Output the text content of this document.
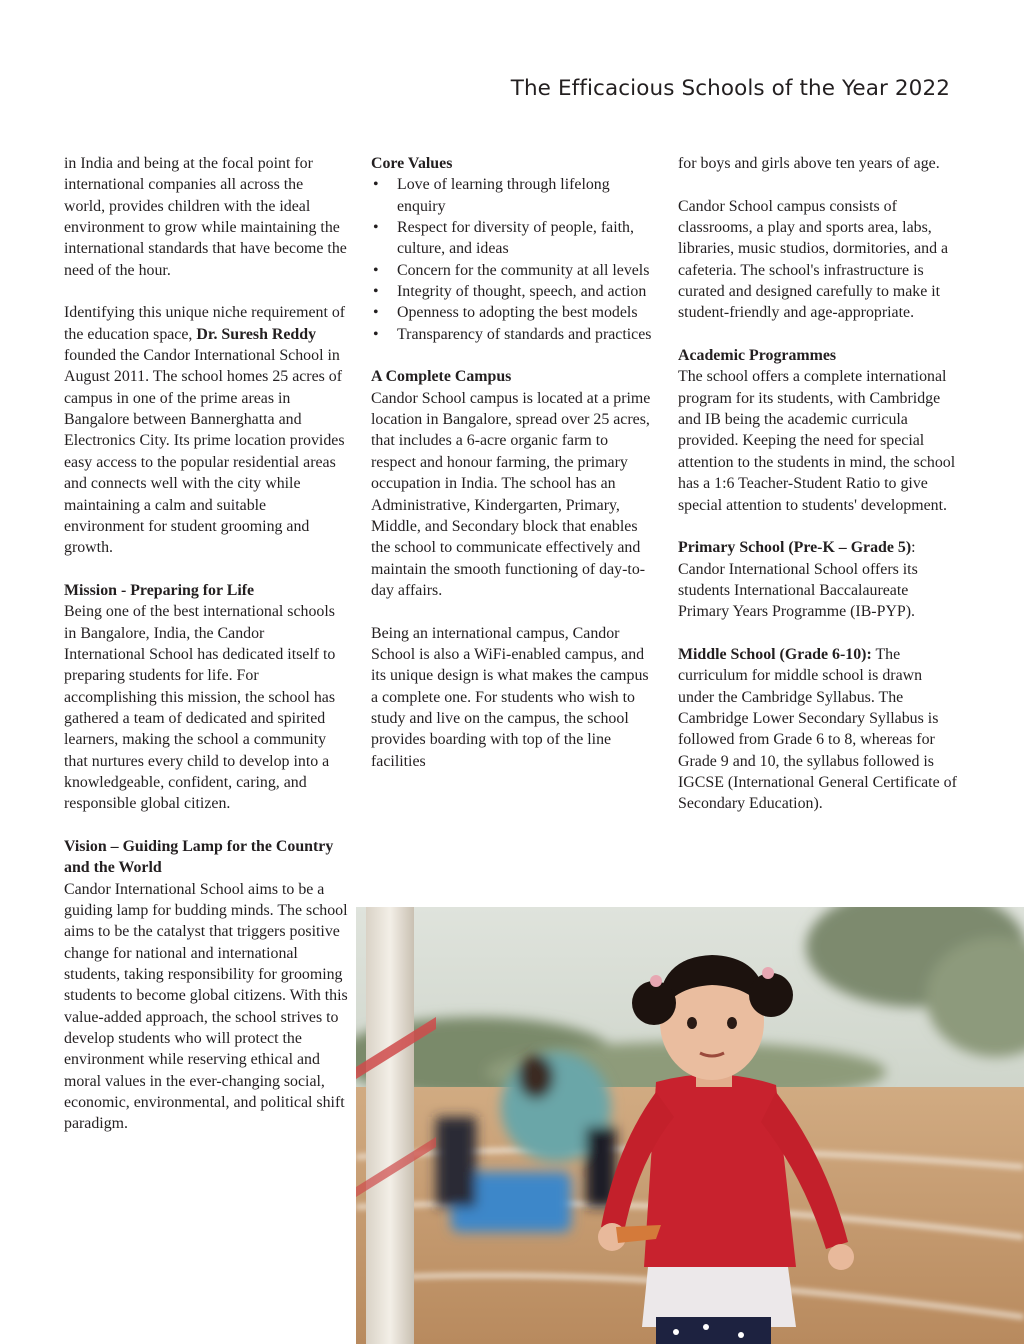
The Efficacious Schools of the Year 2022

in India and being at the focal point for international companies all across the world, provides children with the ideal environment to grow while maintaining the international standards that have become the need of the hour.

Identifying this unique niche requirement of the education space, Dr. Suresh Reddy founded the Candor International School in August 2011. The school homes 25 acres of campus in one of the prime areas in Bangalore between Bannerghatta and Electronics City. Its prime location provides easy access to the popular residential areas and connects well with the city while maintaining a calm and suitable environment for student grooming and growth.

Mission - Preparing for Life
Being one of the best international schools in Bangalore, India, the Candor International School has dedicated itself to preparing students for life. For accomplishing this mission, the school has gathered a team of dedicated and spirited learners, making the school a community that nurtures every child to develop into a knowledgeable, confident, caring, and responsible global citizen.

Vision – Guiding Lamp for the Country and the World
Candor International School aims to be a guiding lamp for budding minds. The school aims to be the catalyst that triggers positive change for national and international students, taking responsibility for grooming students to become global citizens. With this value-added approach, the school strives to develop students who will protect the environment while reserving ethical and moral values in the ever-changing social, economic, environmental, and political shift paradigm.

Core Values
• Love of learning through lifelong enquiry
• Respect for diversity of people, faith, culture, and ideas
• Concern for the community at all levels
• Integrity of thought, speech, and action
• Openness to adopting the best models
• Transparency of standards and practices

A Complete Campus
Candor School campus is located at a prime location in Bangalore, spread over 25 acres, that includes a 6-acre organic farm to respect and honour farming, the primary occupation in India. The school has an Administrative, Kindergarten, Primary, Middle, and Secondary block that enables the school to communicate effectively and maintain the smooth functioning of day-to-day affairs.

Being an international campus, Candor School is also a WiFi-enabled campus, and its unique design is what makes the campus a complete one. For students who wish to study and live on the campus, the school provides boarding with top of the line facilities

for boys and girls above ten years of age.

Candor School campus consists of classrooms, a play and sports area, labs, libraries, music studios, dormitories, and a cafeteria. The school's infrastructure is curated and designed carefully to make it student-friendly and age-appropriate.

Academic Programmes
The school offers a complete international program for its students, with Cambridge and IB being the academic curricula provided. Keeping the need for special attention to the students in mind, the school has a 1:6 Teacher-Student Ratio to give special attention to students' development.

Primary School (Pre-K – Grade 5): Candor International School offers its students International Baccalaureate Primary Years Programme (IB-PYP).

Middle School (Grade 6-10): The curriculum for middle school is drawn under the Cambridge Syllabus. The Cambridge Lower Secondary Syllabus is followed from Grade 6 to 8, whereas for Grade 9 and 10, the syllabus followed is IGCSE (International General Certificate of Secondary Education).
